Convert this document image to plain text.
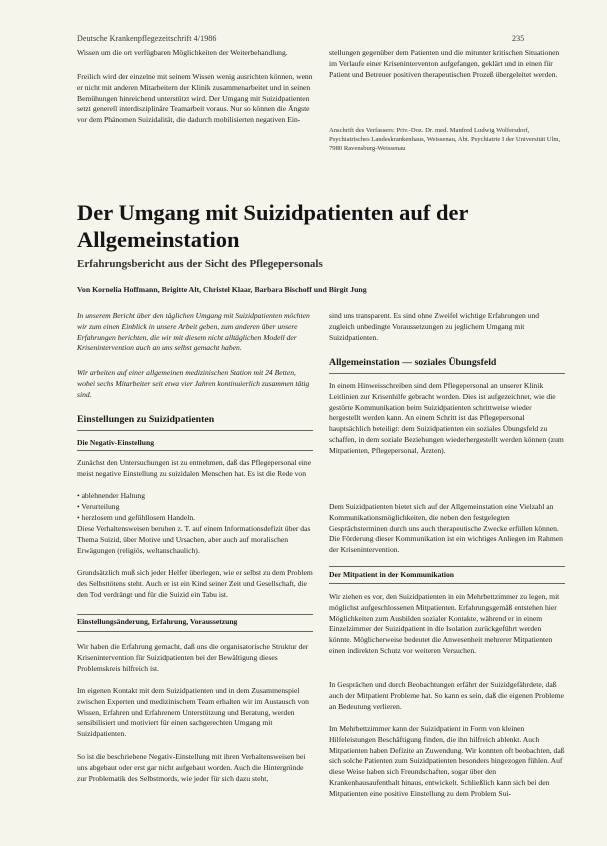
Deutsche Krankenpflegezeitschrift 4/1986	235

Wissen um die ort verfügbaren Möglichkeiten der Weiterbehandlung.

Freilich wird der einzelne mit seinem Wissen wenig ausrichten können, wenn er nicht mit anderen Mitarbeitern der Klinik zusammenarbeitet und in seinen Bemühungen hinreichend unterstützt wird. Der Umgang mit Suizidpatienten setzt generell interdisziplinäre Teamarbeit voraus. Nur so können die Ängste vor dem Phänomen Suizidalität, die dadurch mobilisierten negativen Ein-

stellungen gegenüber dem Patienten und die mitunter kritischen Situationen im Verlaufe einer Kriseninterventon aufgefangen, geklärt und in einen für Patient und Betreuer positiven therapeutischen Prozeß übergeleitet werden.

Anschrift des Verfassers: Priv.-Doz. Dr. med. Manfred Ludwig Wolfersdorf, Psychiatrisches Landeskrankenhaus, Weissenau, Abt. Psychiatrie I der Universität Ulm, 7980 Ravensburg-Weissenau

Der Umgang mit Suizidpatienten auf der Allgemeinstation
Erfahrungsbericht aus der Sicht des Pflegepersonals
Von Kornelia Hoffmann, Brigitte Alt, Christel Klaar, Barbara Bischoff und Birgit Jung

In unserem Bericht über den täglichen Umgang mit Suizidpatienten möchten wir zum einen Einblick in unsere Arbeit geben, zum anderen über unsere Erfahrungen berichten, die wir mit diesem nicht alltäglichen Modell der Krisenintervention auch an uns selbst gemacht haben.

Wir arbeiten auf einer allgemeinen medizinischen Station mit 24 Betten, wobei sechs Mitarbeiter seit etwa vier Jahren kontinuierlich zusammen tätig sind.

Einstellungen zu Suizidpatienten
Die Negativ-Einstellung

Zunächst den Untersuchungen ist zu entnehmen, daß das Pflegepersonal eine meist negative Einstellung zu suizidalen Menschen hat. Es ist die Rede von

• ablehnender Haltung
• Verurteilung
• herzlosem und gefühllosem Handeln.

Diese Verhaltensweisen beruhen z. T. auf einem Informationsdefizit über das Thema Suizid, über Motive und Ursachen, aber auch auf moralischen Erwägungen (religiös, weltanschaulich).

Grundsätzlich muß sich jeder Helfer überlegen, wie er selbst zu dem Problem des Selbsttötens steht. Auch er ist ein Kind seiner Zeit und Gesellschaft, die den Tod verdrängt und für die Suizid ein Tabu ist.

Einstellungsänderung, Erfahrung, Voraussetzung

Wir haben die Erfahrung gemacht, daß uns die organisatorische Struktur der Krisenintervention für Suizidpatienten bei der Bewältigung dieses Problemskreis hilfreich ist.

Im eigenen Kontakt mit dem Suizidpatienten und in dem Zusammenspiel zwischen Experten und medizinischem Team erhalten wir im Austausch von Wissen, Erfahren und Erfahrenem Unterstützung und Beratung, werden sensibilisiert und motiviert für einen sachgerechten Umgang mit Suizidpatienten.

So ist die beschriebene Negativ-Einstellung mit ihren Verhaltensweisen bei uns abgebaut oder erst gar nicht aufgebaut worden. Auch die Hintergründe zur Problematik des Selbstmords, wie jeder für sich dazu steht,

sind uns transparent. Es sind ohne Zweifel wichtige Erfahrungen und zugleich unbedingte Voraussetzungen zu jeglichem Umgang mit Suizidpatienten.

Allgemeinstation — soziales Übungsfeld

In einem Hinweisschreiben sind dem Pflegepersonal an unserer Klinik Leitlinien zur Krisenhilfe gebracht worden. Dies ist aufgezeichnet, wie die gestörte Kommunikation beim Suizidpatienten schrittweise wieder hergestellt werden kann. An einem Schritt ist das Pflegepersonal hauptsächlich beteiligt: dem Suizidpatienten ein soziales Übungsfeld zu schaffen, in dem soziale Beziehungen wiederhergestellt werden können (zum Mitpatienten, Pflegepersonal, Ärzten).

Dem Suizidpatienten bietet sich auf der Allgemeinstation eine Vielzahl an Kommunikationsmöglichkeiten, die neben den festgelegten Gesprächsterminen durch uns auch therapeutische Zwecke erfüllen können. Die Förderung dieser Kommunikation ist ein wichtiges Anliegen im Rahmen der Krisenintervention.

Der Mitpatient in der Kommunikation

Wir ziehen es vor, den Suizidpatienten in ein Mehrbettzimmer zu legen, mit möglichst aufgeschlossenen Mitpatienten. Erfahrungsgemäß entstehen hier Möglichkeiten zum Ausbilden sozialer Kontakte, während er in einem Einzelzimmer der Suizidpatient in die Isolation zurückgeführt werden könnte. Möglicherweise bedeutet die Anwesenheit mehrerer Mitpatienten einen indirekten Schutz vor weiteren Versuchen.

In Gesprächen und durch Beobachtungen erfährt der Suizidgefährdete, daß auch der Mitpatient Probleme hat. So kann es sein, daß die eigenen Probleme an Bedeutung verlieren.

Im Mehrbettzimmer kann der Suizidpatient in Form von kleinen Hilfeleistungen Beschäftigung finden, die ihn hilfreich ablenkt. Auch Mitpatienten haben Defizite an Zuwendung. Wir konnten oft beobachten, daß sich solche Patienten zum Suizidpatienten besonders hingezogen fühlen. Auf diese Weise haben sich Freundschaften, sogar über den Krankenhausaufenthalt hinaus, entwickelt. Schließlich kann sich bei den Mitpatienten eine positive Einstellung zu dem Problem Sui-
